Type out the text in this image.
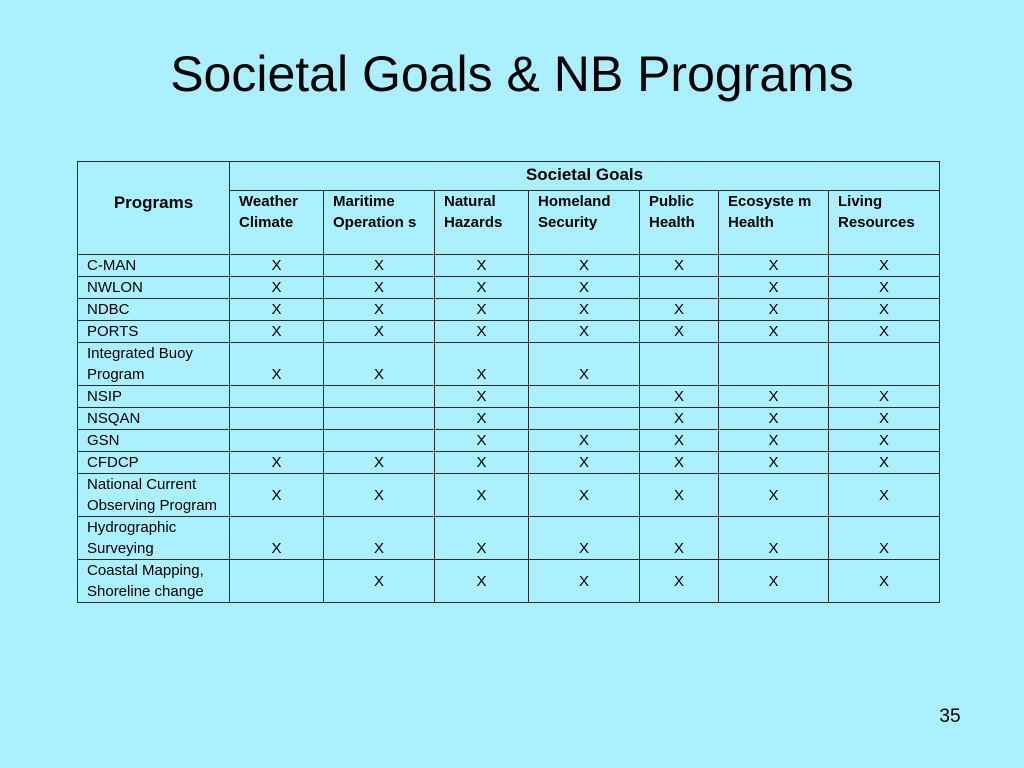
Societal Goals & NB Programs
Programs	Societal Goals						
	Weather Climate	Maritime Operation s	Natural Hazards	Homeland Security	Public Health	Ecosyste m Health	Living Resources
C-MAN	X	X	X	X	X	X	X
NWLON	X	X	X	X		X	X
NDBC	X	X	X	X	X	X	X
PORTS	X	X	X	X	X	X	X
Integrated Buoy Program	X	X	X	X			
NSIP			X		X	X	X
NSQAN			X		X	X	X
GSN			X	X	X	X	X
CFDCP	X	X	X	X	X	X	X
National Current Observing Program	X	X	X	X	X	X	X
Hydrographic Surveying	X	X	X	X	X	X	X
Coastal Mapping, Shoreline change		X	X	X	X	X	X
35
